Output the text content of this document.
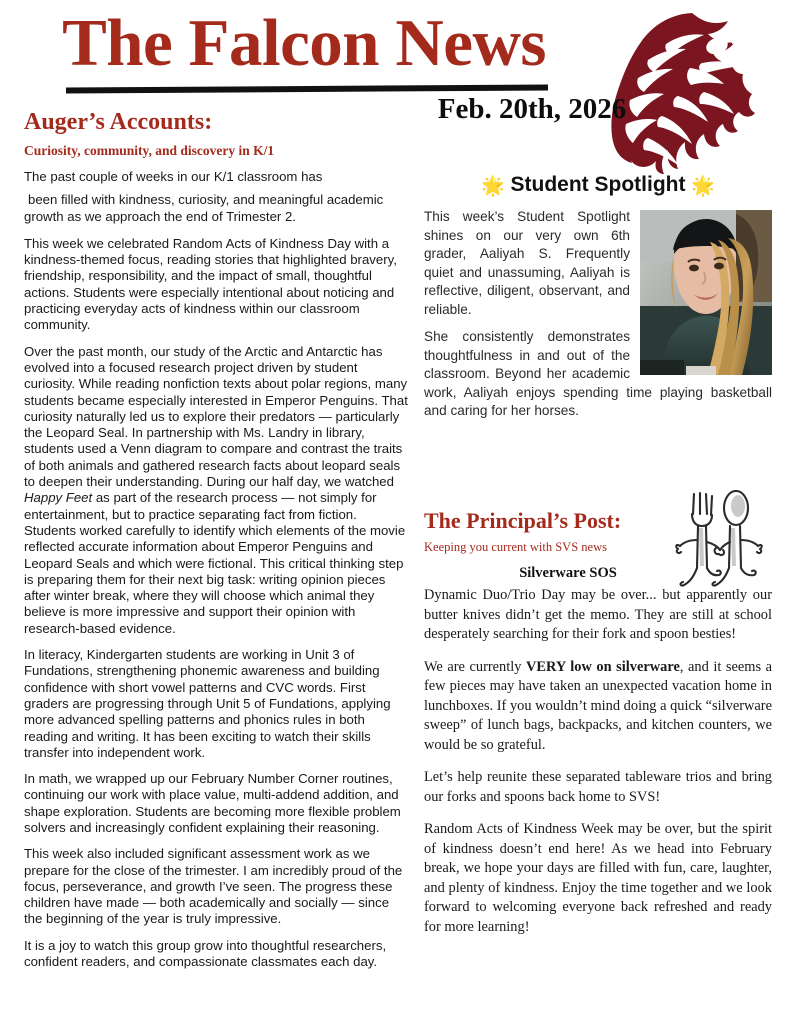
The Falcon News
Feb. 20th, 2026
Auger’s Accounts:
Curiosity, community, and discovery in K/1

The past couple of weeks in our K/1 classroom has

been filled with kindness, curiosity, and meaningful academic growth as we approach the end of Trimester 2.

This week we celebrated Random Acts of Kindness Day with a kindness-themed focus, reading stories that highlighted bravery, friendship, responsibility, and the impact of small, thoughtful actions. Students were especially intentional about noticing and practicing everyday acts of kindness within our classroom community.

Over the past month, our study of the Arctic and Antarctic has evolved into a focused research project driven by student curiosity. While reading nonfiction texts about polar regions, many students became especially interested in Emperor Penguins. That curiosity naturally led us to explore their predators — particularly the Leopard Seal. In partnership with Ms. Landry in library, students used a Venn diagram to compare and contrast the traits of both animals and gathered research facts about leopard seals to deepen their understanding. During our half day, we watched Happy Feet as part of the research process — not simply for entertainment, but to practice separating fact from fiction. Students worked carefully to identify which elements of the movie reflected accurate information about Emperor Penguins and Leopard Seals and which were fictional. This critical thinking step is preparing them for their next big task: writing opinion pieces after winter break, where they will choose which animal they believe is more impressive and support their opinion with research-based evidence.

In literacy, Kindergarten students are working in Unit 3 of Fundations, strengthening phonemic awareness and building confidence with short vowel patterns and CVC words. First graders are progressing through Unit 5 of Fundations, applying more advanced spelling patterns and phonics rules in both reading and writing. It has been exciting to watch their skills transfer into independent work.

In math, we wrapped up our February Number Corner routines, continuing our work with place value, multi-addend addition, and shape exploration. Students are becoming more flexible problem solvers and increasingly confident explaining their reasoning.

This week also included significant assessment work as we prepare for the close of the trimester. I am incredibly proud of the focus, perseverance, and growth I’ve seen. The progress these children have made — both academically and socially — since the beginning of the year is truly impressive.

It is a joy to watch this group grow into thoughtful researchers, confident readers, and compassionate classmates each day.

🌟 Student Spotlight 🌟

This week’s Student Spotlight shines on our very own 6th grader, Aaliyah S. Frequently quiet and unassuming, Aaliyah is reflective, diligent, observant, and reliable.

She consistently demonstrates thoughtfulness in and out of the classroom. Beyond her academic work, Aaliyah enjoys spending time playing basketball and caring for her horses.

The Principal’s Post:
Keeping you current with SVS news
Silverware SOS

Dynamic Duo/Trio Day may be over... but apparently our butter knives didn’t get the memo. They are still at school desperately searching for their fork and spoon besties!

We are currently VERY low on silverware, and it seems a few pieces may have taken an unexpected vacation home in lunchboxes. If you wouldn’t mind doing a quick “silverware sweep” of lunch bags, backpacks, and kitchen counters, we would be so grateful.

Let’s help reunite these separated tableware trios and bring our forks and spoons back home to SVS!

Random Acts of Kindness Week may be over, but the spirit of kindness doesn’t end here! As we head into February break, we hope your days are filled with fun, care, laughter, and plenty of kindness. Enjoy the time together and we look forward to welcoming everyone back refreshed and ready for more learning!
